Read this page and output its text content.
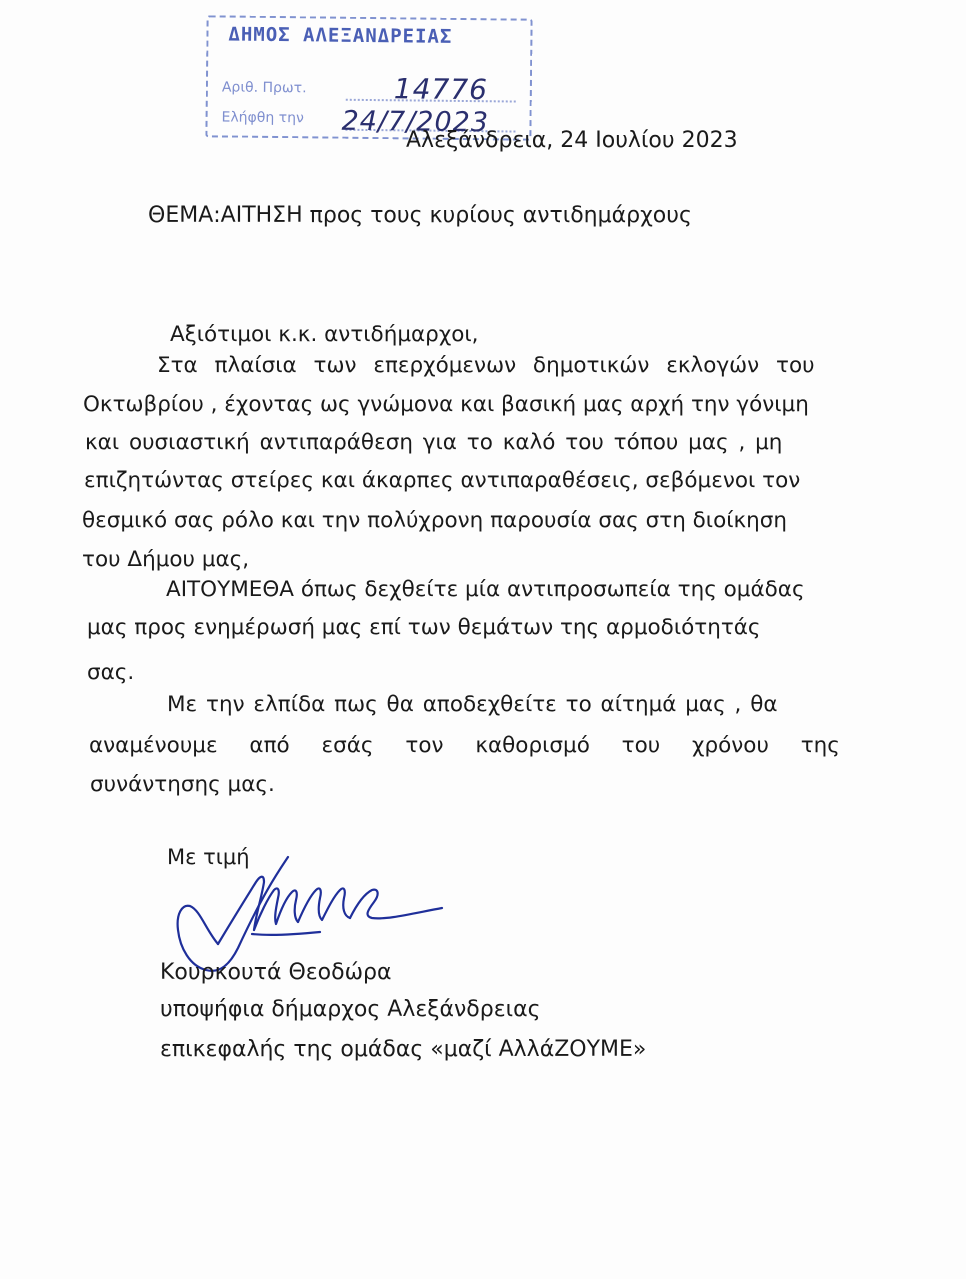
ΔΗΜΟΣ ΑΛΕΞΑΝΔΡΕΙΑΣ
Αριθ. Πρωτ.	14776
Ελήφθη την 24/7/2023
Αλεξάνδρεια, 24 Ιουλίου 2023
ΘΕΜΑ:ΑΙΤΗΣΗ προς τους κυρίους αντιδημάρχους
Αξιότιμοι κ.κ. αντιδήμαρχοι,
Στα πλαίσια των επερχόμενων δημοτικών εκλογών του
Οκτωβρίου , έχοντας ως γνώμονα και βασική μας αρχή την γόνιμη
και ουσιαστική αντιπαράθεση για το καλό του τόπου μας , μη
επιζητώντας στείρες και άκαρπες αντιπαραθέσεις, σεβόμενοι τον
θεσμικό σας ρόλο και την πολύχρονη παρουσία σας στη διοίκηση
του Δήμου μας,
ΑΙΤΟΥΜΕΘΑ όπως δεχθείτε μία αντιπροσωπεία της ομάδας
μας προς ενημέρωσή μας επί των θεμάτων της αρμοδιότητάς
σας.
Με την ελπίδα πως θα αποδεχθείτε το αίτημά μας , θα
αναμένουμε από εσάς τον καθορισμό του χρόνου της
συνάντησης μας.
Με τιμή
Κουρκουτά Θεοδώρα
υποψήφια δήμαρχος Αλεξάνδρειας
επικεφαλής της ομάδας «μαζί ΑλλάΖΟΥΜΕ»
